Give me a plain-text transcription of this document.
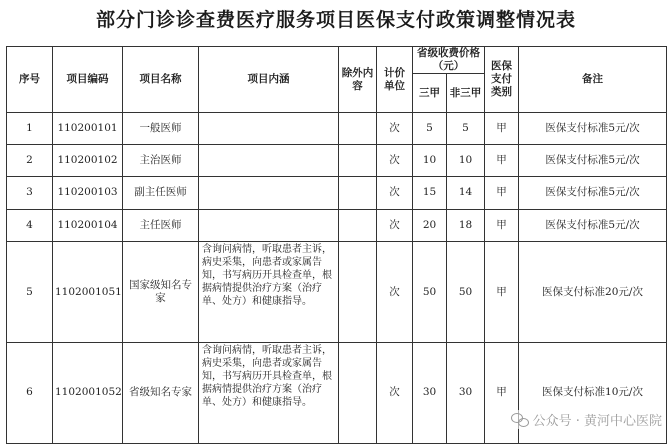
部分门诊诊查费医疗服务项目医保支付政策调整情况表
序号	项目编码	项目名称	项目内涵	除外内容	计价单位	省级收费价格（元）		医保支付类别	备注
						三甲	非三甲		
1	110200101	一般医师			次	5	5	甲	医保支付标准5元/次
2	110200102	主治医师			次	10	10	甲	医保支付标准5元/次
3	110200103	副主任医师			次	15	14	甲	医保支付标准5元/次
4	110200104	主任医师			次	20	18	甲	医保支付标准5元/次
5	1102001051	国家级知名专家	含询问病情，听取患者主诉，病史采集，向患者或家属告知，书写病历开具检查单，根据病情提供治疗方案（治疗单、处方）和健康指导。		次	50	50	甲	医保支付标准20元/次
6	1102001052	省级知名专家	含询问病情，听取患者主诉，病史采集，向患者或家属告知，书写病历开具检查单，根据病情提供治疗方案（治疗单、处方）和健康指导。		次	30	30	甲	医保支付标准10元/次
公众号 · 黄河中心医院
